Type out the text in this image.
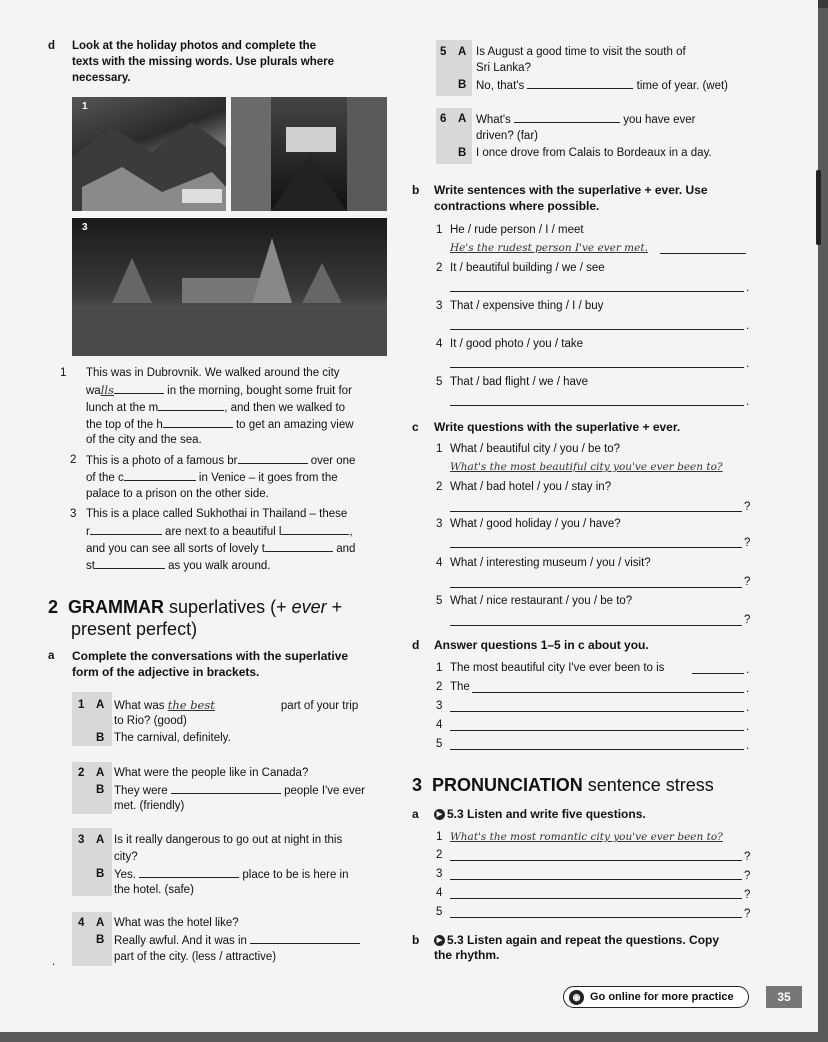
d Look at the holiday photos and complete the
texts with the missing words. Use plurals where
necessary.
1
3
1 This was in Dubrovnik. We walked around the city
walls	in the morning, bought some fruit for
lunch at the m	, and then we walked to
the top of the h	to get an amazing view
of the city and the sea.
2 This is a photo of a famous br	over one
of the c	in Venice – it goes from the
palace to a prison on the other side.
3 This is a place called Sukhothai in Thailand – these
r	are next to a beautiful l	,
and you can see all sorts of lovely t	and
st	as you walk around.
2 GRAMMAR superlatives (+ ever +
present perfect)
a Complete the conversations with the superlative
form of the adjective in brackets.
1 A What was the best	part of your trip
to Rio? (good)
B The carnival, definitely.
2 A What were the people like in Canada?
B They were	people I've ever
met. (friendly)
3 A Is it really dangerous to go out at night in this
city?
B Yes.	place to be is here in
the hotel. (safe)
4 A What was the hotel like?
B Really awful. And it was in
part of the city. (less / attractive)
.
5 A Is August a good time to visit the south of
Sri Lanka?
B No, that's	time of year. (wet)
6 A What's	you have ever
driven? (far)
B I once drove from Calais to Bordeaux in a day.
b Write sentences with the superlative + ever. Use
contractions where possible.
1 He / rude person / I / meet
He's the rudest person I've ever met.
2 It / beautiful building / we / see
.
3 That / expensive thing / I / buy
.
4 It / good photo / you / take
.
5 That / bad flight / we / have
.
c Write questions with the superlative + ever.
1 What / beautiful city / you / be to?
What's the most beautiful city you've ever been to?
2 What / bad hotel / you / stay in?
?
3 What / good holiday / you / have?
?
4 What / interesting museum / you / visit?
?
5 What / nice restaurant / you / be to?
?
d Answer questions 1–5 in c about you.
1 The most beautiful city I've ever been to is	.
2 The	.
3	.
4	.
5	.
3 PRONUNCIATION sentence stress
a	▶ 5.3 Listen and write five questions.
1 What's the most romantic city you've ever been to?
2	?
3	?
4	?
5	?
b	▶ 5.3 Listen again and repeat the questions. Copy
the rhythm.
◉ Go online for more practice	35
